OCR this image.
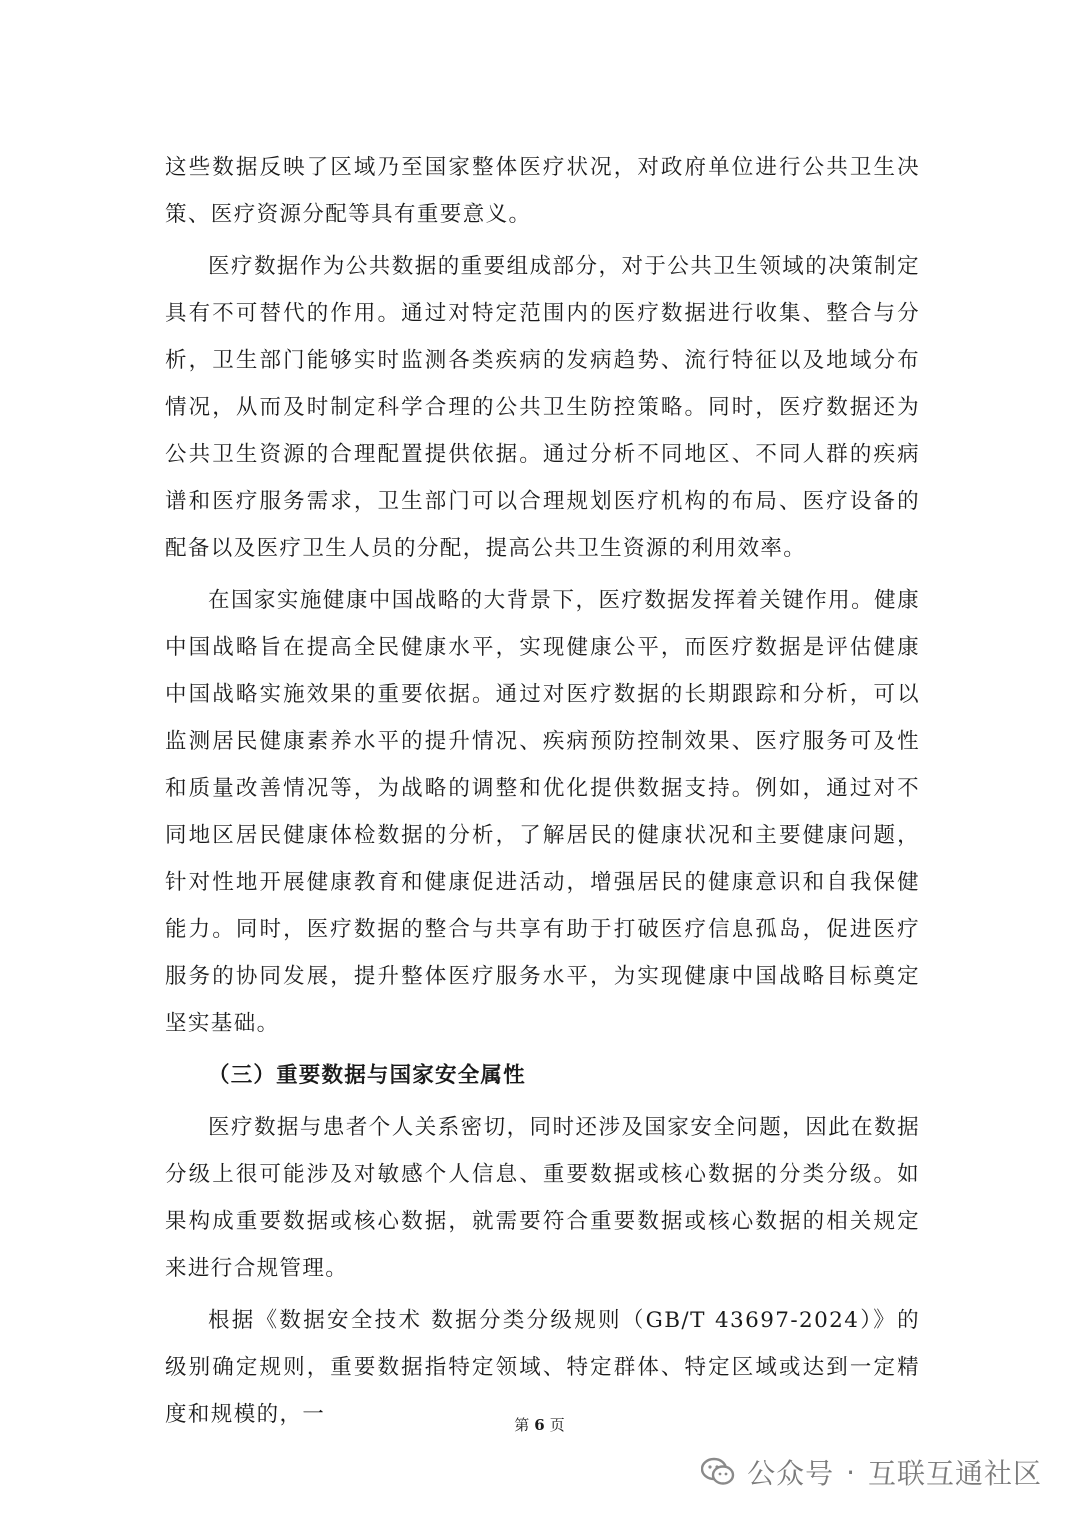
这些数据反映了区域乃至国家整体医疗状况，对政府单位进行公共卫生决策、医疗资源分配等具有重要意义。

医疗数据作为公共数据的重要组成部分，对于公共卫生领域的决策制定具有不可替代的作用。通过对特定范围内的医疗数据进行收集、整合与分析，卫生部门能够实时监测各类疾病的发病趋势、流行特征以及地域分布情况，从而及时制定科学合理的公共卫生防控策略。同时，医疗数据还为公共卫生资源的合理配置提供依据。通过分析不同地区、不同人群的疾病谱和医疗服务需求，卫生部门可以合理规划医疗机构的布局、医疗设备的配备以及医疗卫生人员的分配，提高公共卫生资源的利用效率。

在国家实施健康中国战略的大背景下，医疗数据发挥着关键作用。健康中国战略旨在提高全民健康水平，实现健康公平，而医疗数据是评估健康中国战略实施效果的重要依据。通过对医疗数据的长期跟踪和分析，可以监测居民健康素养水平的提升情况、疾病预防控制效果、医疗服务可及性和质量改善情况等，为战略的调整和优化提供数据支持。例如，通过对不同地区居民健康体检数据的分析，了解居民的健康状况和主要健康问题，针对性地开展健康教育和健康促进活动，增强居民的健康意识和自我保健能力。同时，医疗数据的整合与共享有助于打破医疗信息孤岛，促进医疗服务的协同发展，提升整体医疗服务水平，为实现健康中国战略目标奠定坚实基础。

（三）重要数据与国家安全属性

医疗数据与患者个人关系密切，同时还涉及国家安全问题，因此在数据分级上很可能涉及对敏感个人信息、重要数据或核心数据的分类分级。如果构成重要数据或核心数据，就需要符合重要数据或核心数据的相关规定来进行合规管理。

根据《数据安全技术 数据分类分级规则（GB/T 43697-2024）》的级别确定规则，重要数据指特定领域、特定群体、特定区域或达到一定精度和规模的，一	第 6 页
公众号 · 互联互通社区
